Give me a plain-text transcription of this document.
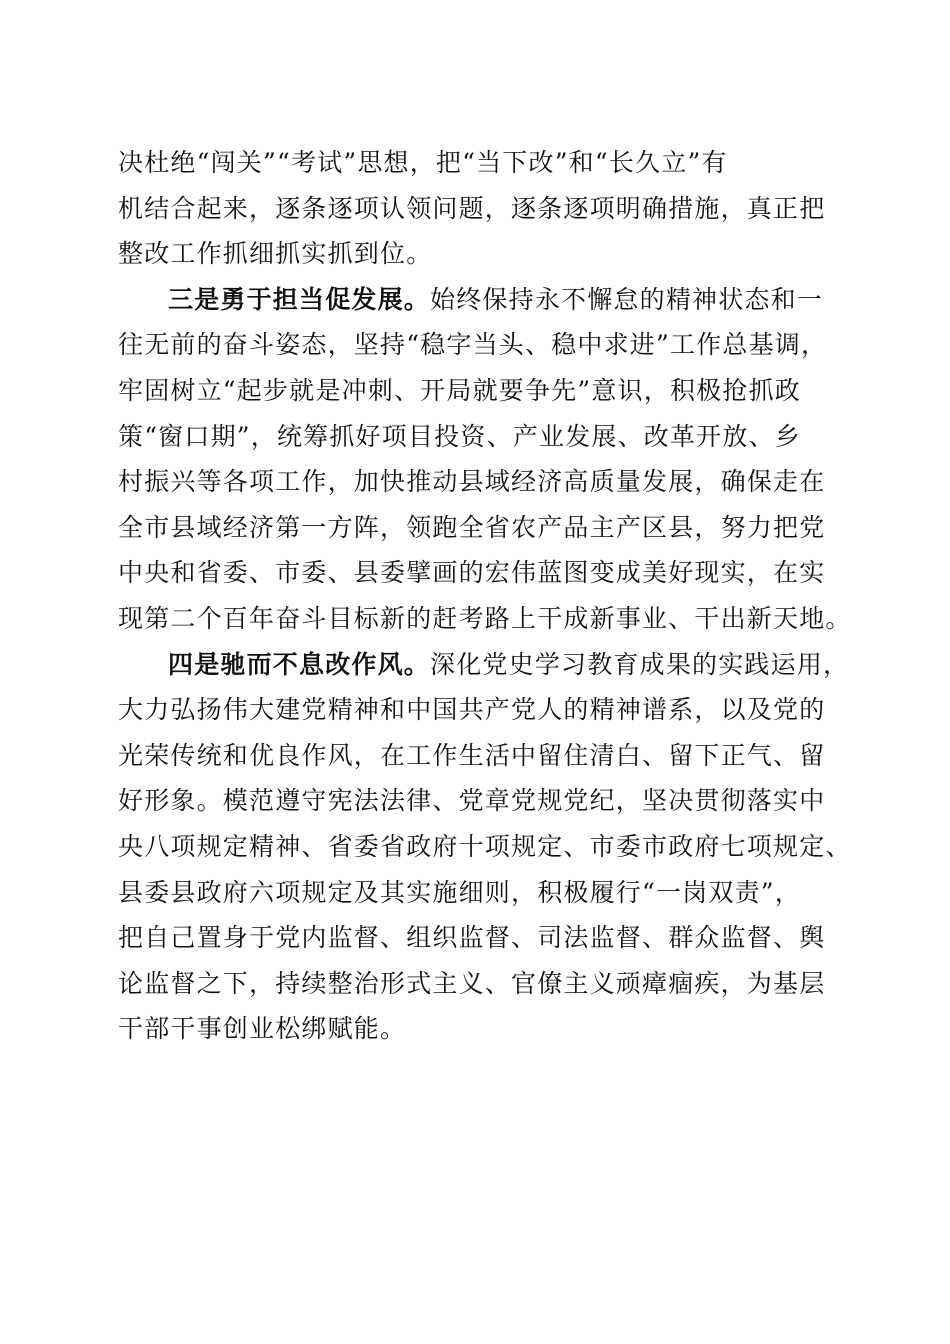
决杜绝“闯关”“考试”思想，把“当下改”和“长久立”有
机结合起来，逐条逐项认领问题，逐条逐项明确措施，真正把
整改工作抓细抓实抓到位。
三是勇于担当促发展。始终保持永不懈怠的精神状态和一
往无前的奋斗姿态，坚持“稳字当头、稳中求进”工作总基调，
牢固树立“起步就是冲刺、开局就要争先”意识，积极抢抓政
策“窗口期”，统筹抓好项目投资、产业发展、改革开放、乡
村振兴等各项工作，加快推动县域经济高质量发展，确保走在
全市县域经济第一方阵，领跑全省农产品主产区县，努力把党
中央和省委、市委、县委擘画的宏伟蓝图变成美好现实，在实
现第二个百年奋斗目标新的赶考路上干成新事业、干出新天地。
四是驰而不息改作风。深化党史学习教育成果的实践运用，
大力弘扬伟大建党精神和中国共产党人的精神谱系，以及党的
光荣传统和优良作风，在工作生活中留住清白、留下正气、留
好形象。模范遵守宪法法律、党章党规党纪，坚决贯彻落实中
央八项规定精神、省委省政府十项规定、市委市政府七项规定、
县委县政府六项规定及其实施细则，积极履行“一岗双责”，
把自己置身于党内监督、组织监督、司法监督、群众监督、舆
论监督之下，持续整治形式主义、官僚主义顽瘴痼疾，为基层
干部干事创业松绑赋能。
